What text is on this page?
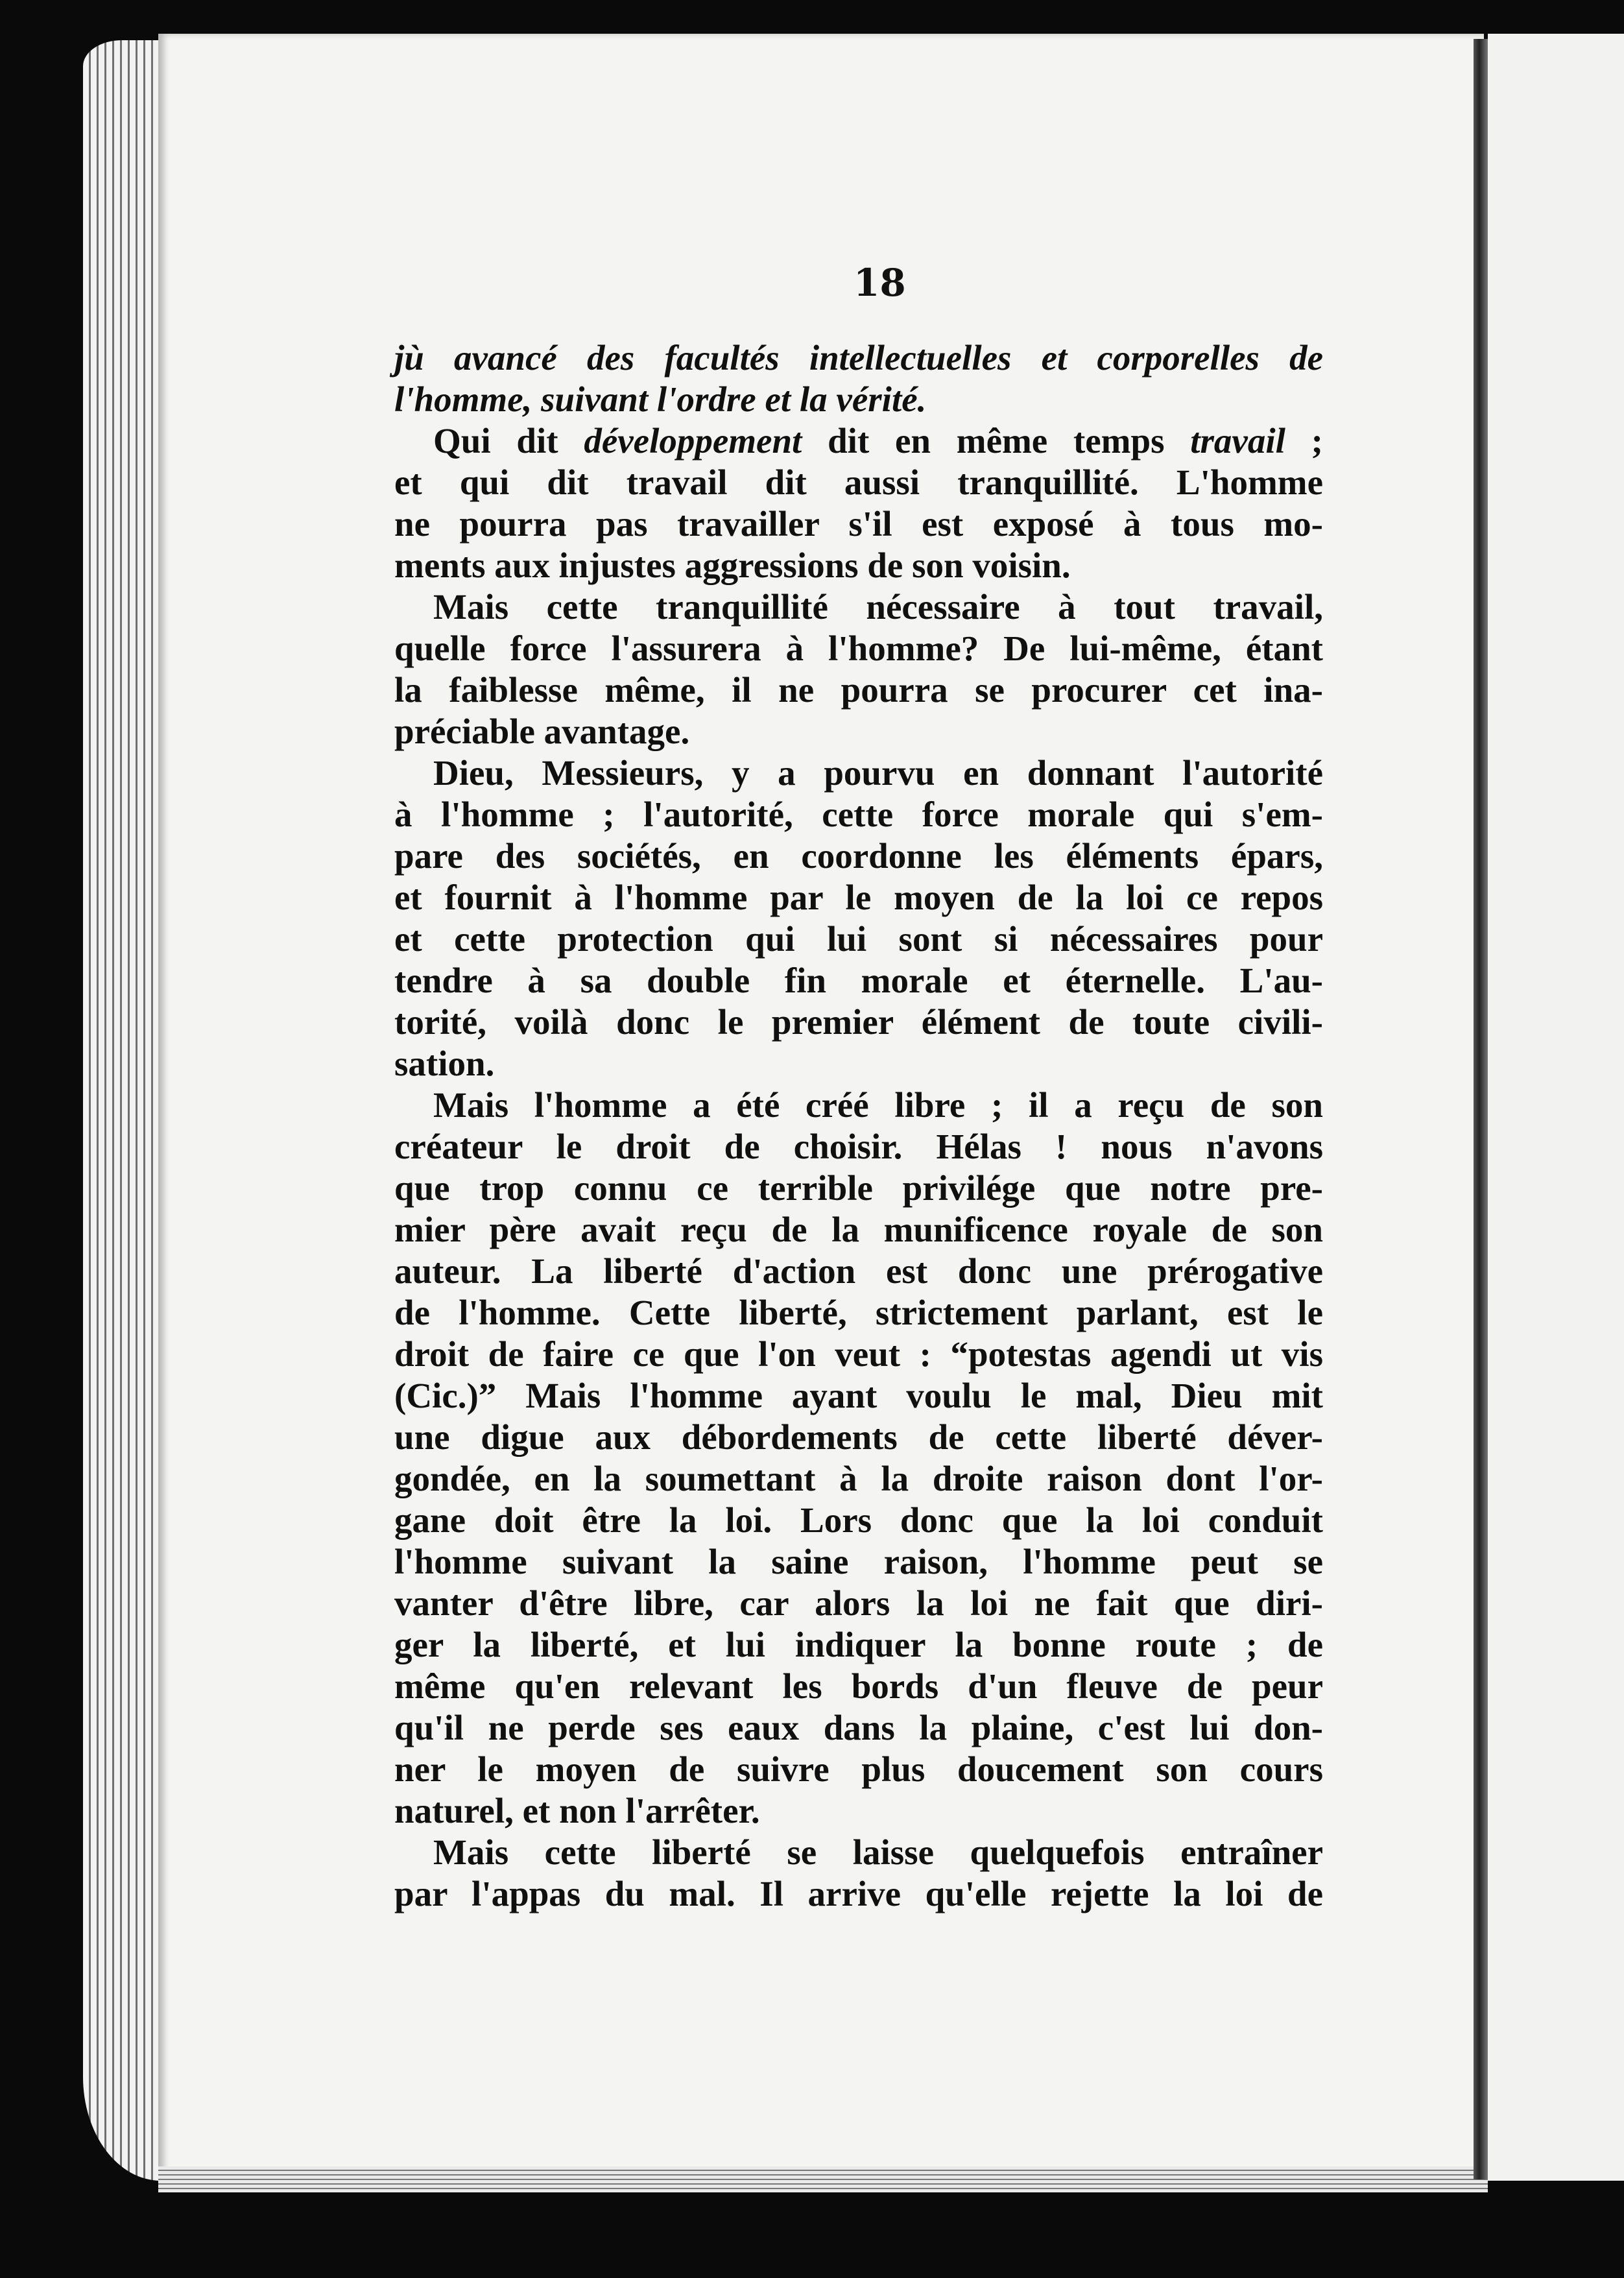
18

jù avancé des facultés intellectuelles et corporelles de
l'homme, suivant l'ordre et la vérité.
Qui dit développement dit en même temps travail ;
et qui dit travail dit aussi tranquillité. L'homme
ne pourra pas travailler s'il est exposé à tous mo-
ments aux injustes aggressions de son voisin.
Mais cette tranquillité nécessaire à tout travail,
quelle force l'assurera à l'homme? De lui-même, étant
la faiblesse même, il ne pourra se procurer cet ina-
préciable avantage.
Dieu, Messieurs, y a pourvu en donnant l'autorité
à l'homme ; l'autorité, cette force morale qui s'em-
pare des sociétés, en coordonne les éléments épars,
et fournit à l'homme par le moyen de la loi ce repos
et cette protection qui lui sont si nécessaires pour
tendre à sa double fin morale et éternelle. L'au-
torité, voilà donc le premier élément de toute civili-
sation.
Mais l'homme a été créé libre ; il a reçu de son
créateur le droit de choisir. Hélas ! nous n'avons
que trop connu ce terrible privilége que notre pre-
mier père avait reçu de la munificence royale de son
auteur. La liberté d'action est donc une prérogative
de l'homme. Cette liberté, strictement parlant, est le
droit de faire ce que l'on veut : “potestas agendi ut vis
(Cic.)” Mais l'homme ayant voulu le mal, Dieu mit
une digue aux débordements de cette liberté déver-
gondée, en la soumettant à la droite raison dont l'or-
gane doit être la loi. Lors donc que la loi conduit
l'homme suivant la saine raison, l'homme peut se
vanter d'être libre, car alors la loi ne fait que diri-
ger la liberté, et lui indiquer la bonne route ; de
même qu'en relevant les bords d'un fleuve de peur
qu'il ne perde ses eaux dans la plaine, c'est lui don-
ner le moyen de suivre plus doucement son cours
naturel, et non l'arrêter.
Mais cette liberté se laisse quelquefois entraîner
par l'appas du mal. Il arrive qu'elle rejette la loi de
